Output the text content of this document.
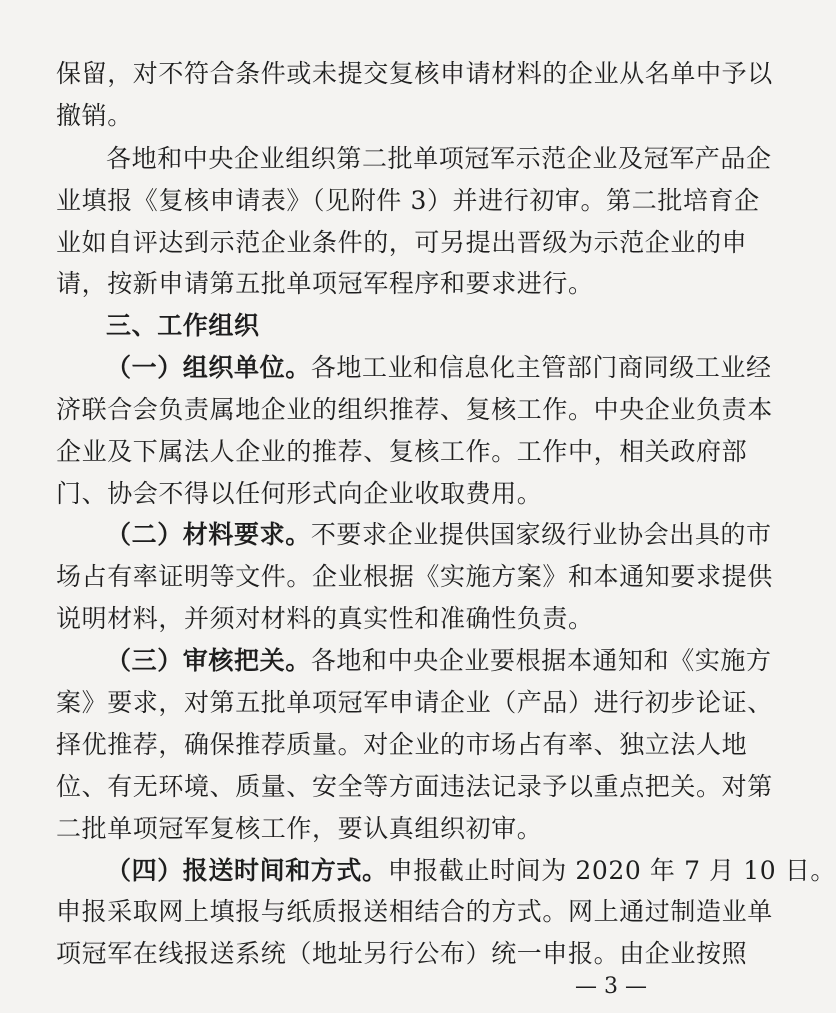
保留，对不符合条件或未提交复核申请材料的企业从名单中予以

撤销。

各地和中央企业组织第二批单项冠军示范企业及冠军产品企

业填报《复核申请表》（见附件 3）并进行初审。第二批培育企

业如自评达到示范企业条件的，可另提出晋级为示范企业的申

请，按新申请第五批单项冠军程序和要求进行。

三、工作组织

（一）组织单位。各地工业和信息化主管部门商同级工业经

济联合会负责属地企业的组织推荐、复核工作。中央企业负责本

企业及下属法人企业的推荐、复核工作。工作中，相关政府部

门、协会不得以任何形式向企业收取费用。

（二）材料要求。不要求企业提供国家级行业协会出具的市

场占有率证明等文件。企业根据《实施方案》和本通知要求提供

说明材料，并须对材料的真实性和准确性负责。

（三）审核把关。各地和中央企业要根据本通知和《实施方

案》要求，对第五批单项冠军申请企业（产品）进行初步论证、

择优推荐，确保推荐质量。对企业的市场占有率、独立法人地

位、有无环境、质量、安全等方面违法记录予以重点把关。对第

二批单项冠军复核工作，要认真组织初审。

（四）报送时间和方式。申报截止时间为 2020 年 7 月 10 日。

申报采取网上填报与纸质报送相结合的方式。网上通过制造业单

项冠军在线报送系统（地址另行公布）统一申报。由企业按照

— 3 —
